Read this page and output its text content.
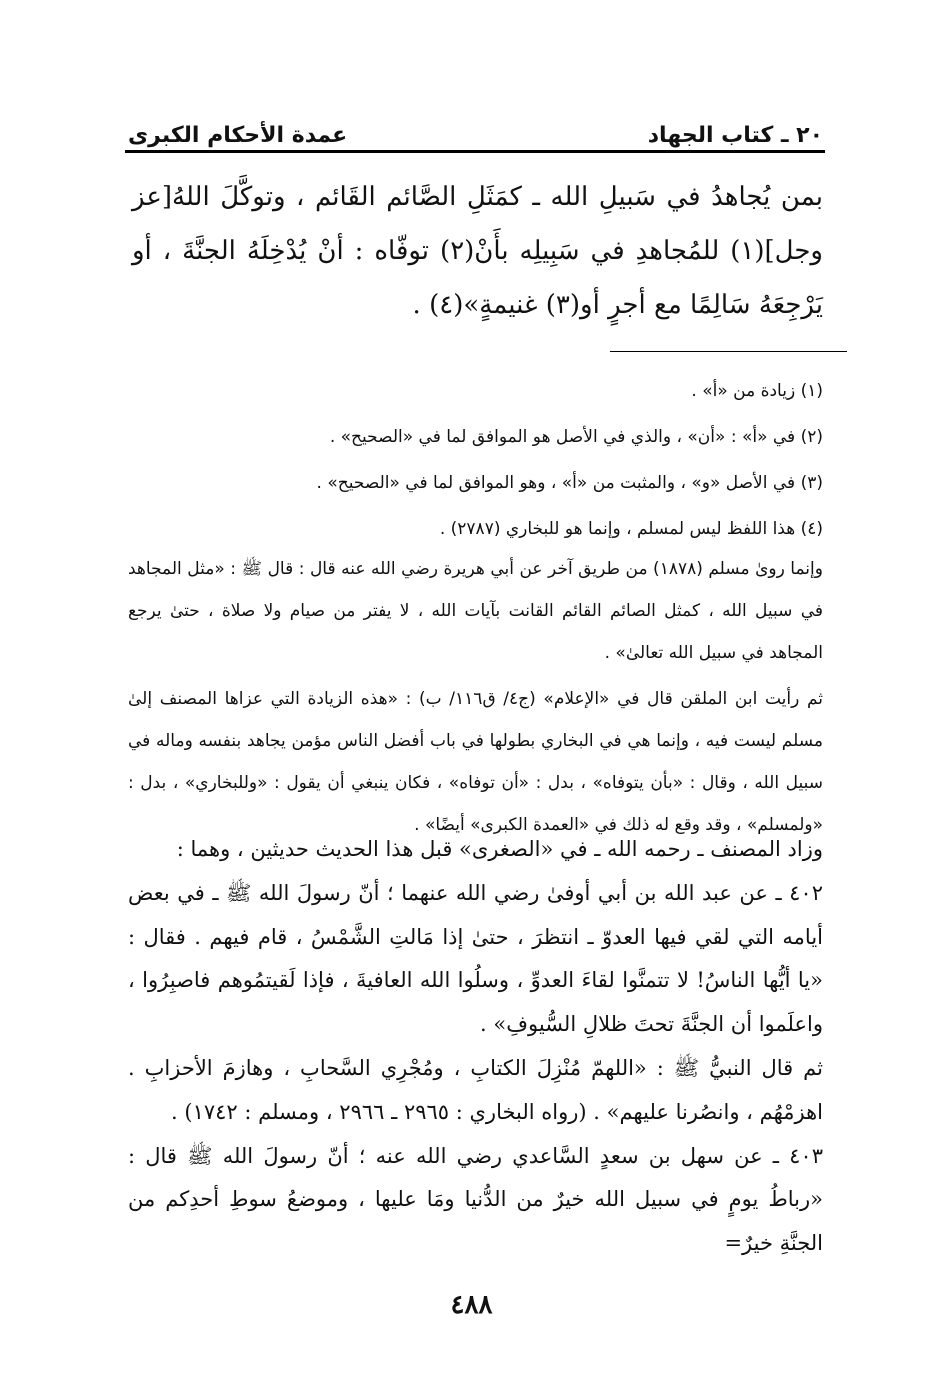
٢٠ ـ كتاب الجهاد
عمدة الأحكام الكبرى

بمن يُجاهدُ في سَبيلِ الله ـ كمَثَلِ الصَّائم القَائم ، وتوكَّلَ اللهُ[عز وجل](١) للمُجاهدِ في سَبِيلِه بأَنْ(٢) توفّاه : أنْ يُدْخِلَهُ الجنَّةَ ، أو يَرْجِعَهُ سَالِمًا مع أجرٍ أو(٣) غنيمةٍ»(٤) .

(١) زيادة من «أ» .

(٢) في «أ» : «أن» ، والذي في الأصل هو الموافق لما في «الصحيح» .

(٣) في الأصل «و» ، والمثبت من «أ» ، وهو الموافق لما في «الصحيح» .

(٤) هذا اللفظ ليس لمسلم ، وإنما هو للبخاري (٢٧٨٧) .

وإنما روىٰ مسلم (١٨٧٨) من طريق آخر عن أبي هريرة رضي الله عنه قال : قال ﷺ : «مثل المجاهد في سبيل الله ، كمثل الصائم القائم القانت بآيات الله ، لا يفتر من صيام ولا صلاة ، حتىٰ يرجع المجاهد في سبيل الله تعالىٰ» .

ثم رأيت ابن الملقن قال في «الإعلام» (ج٤/ ق١١٦/ ب) : «هذه الزيادة التي عزاها المصنف إلىٰ مسلم ليست فيه ، وإنما هي في البخاري بطولها في باب أفضل الناس مؤمن يجاهد بنفسه وماله في سبيل الله ، وقال : «بأن يتوفاه» ، بدل : «أن توفاه» ، فكان ينبغي أن يقول : «وللبخاري» ، بدل : «ولمسلم» ، وقد وقع له ذلك في «العمدة الكبرى» أيضًا» .

وزاد المصنف ـ رحمه الله ـ في «الصغرى» قبل هذا الحديث حديثين ، وهما :

٤٠٢ ـ عن عبد الله بن أبي أوفىٰ رضي الله عنهما ؛ أنّ رسولَ الله ﷺ ـ في بعض أيامه التي لقي فيها العدوّ ـ انتظرَ ، حتىٰ إذا مَالتِ الشَّمْسُ ، قام فيهم . فقال : «يا أيُّها الناسُ! لا تتمنَّوا لقاءَ العدوِّ ، وسلُوا الله العافيةَ ، فإذا لَقيتمُوهم فاصبِرُوا ، واعلَموا أن الجنَّةَ تحتَ ظلالِ السُّيوفِ» .

ثم قال النبيُّ ﷺ : «اللهمّ مُنْزِلَ الكتابِ ، ومُجْرِي السَّحابِ ، وهازمَ الأحزابِ . اهزمْهُم ، وانصُرنا عليهم» . (رواه البخاري : ٢٩٦٥ ـ ٢٩٦٦ ، ومسلم : ١٧٤٢) .

٤٠٣ ـ عن سهل بن سعدٍ السَّاعدي رضي الله عنه ؛ أنّ رسولَ الله ﷺ قال : «رباطُ يومٍ في سبيل الله خيرٌ من الدُّنيا ومَا عليها ، وموضعُ سوطِ أحدِكم من الجنَّةِ خيرٌ=

٤٨٨
